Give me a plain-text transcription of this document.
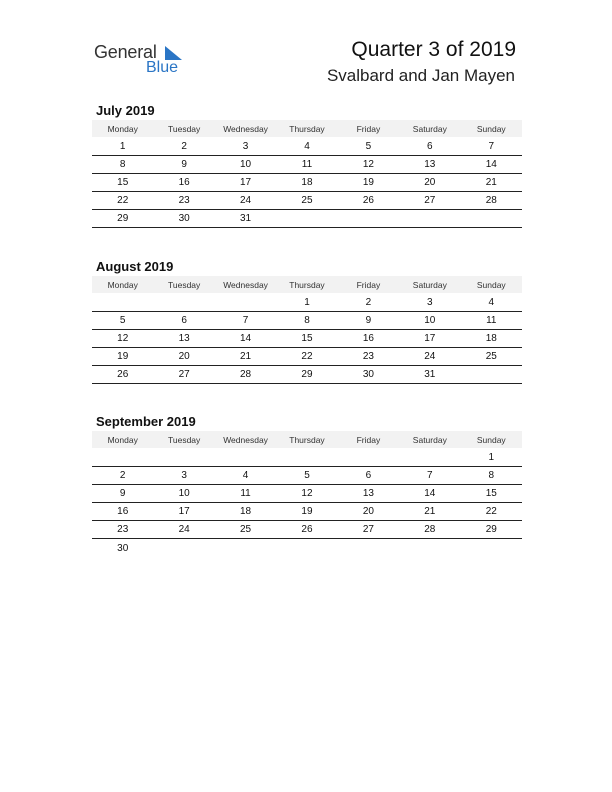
General
Blue
Quarter 3 of 2019
Svalbard and Jan Mayen
July 2019
Monday	Tuesday	Wednesday	Thursday	Friday	Saturday	Sunday
1	2	3	4	5	6	7
8	9	10	11	12	13	14
15	16	17	18	19	20	21
22	23	24	25	26	27	28
29	30	31				
August 2019
Monday	Tuesday	Wednesday	Thursday	Friday	Saturday	Sunday
			1	2	3	4
5	6	7	8	9	10	11
12	13	14	15	16	17	18
19	20	21	22	23	24	25
26	27	28	29	30	31	
September 2019
Monday	Tuesday	Wednesday	Thursday	Friday	Saturday	Sunday
						1
2	3	4	5	6	7	8
9	10	11	12	13	14	15
16	17	18	19	20	21	22
23	24	25	26	27	28	29
30						
